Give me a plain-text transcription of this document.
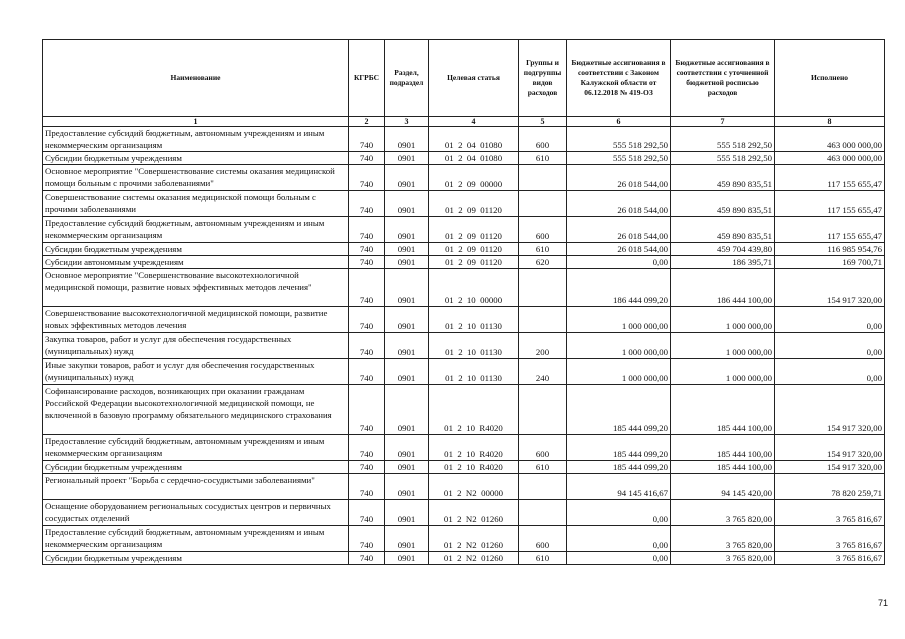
Наименование	КГРБС	Раздел, подраздел	Целевая статья	Группы и подгруппы видов расходов	Бюджетные ассигнования в соответствии с Законом Калужской области от 06.12.2018 № 419-ОЗ	Бюджетные ассигнования в соответствии с уточненной бюджетной росписью расходов	Исполнено
1	2	3	4	5	6	7	8
Предоставление субсидий бюджетным, автономным учреждениям и иным некоммерческим организациям	740	0901	01  2  04  01080	600	555 518 292,50	555 518 292,50	463 000 000,00
Субсидии бюджетным учреждениям	740	0901	01  2  04  01080	610	555 518 292,50	555 518 292,50	463 000 000,00
Основное мероприятие "Совершенствование системы оказания медицинской помощи больным с прочими заболеваниями"	740	0901	01  2  09  00000		26 018 544,00	459 890 835,51	117 155 655,47
Совершенствование системы оказания медицинской помощи больным с прочими заболеваниями	740	0901	01  2  09  01120		26 018 544,00	459 890 835,51	117 155 655,47
Предоставление субсидий бюджетным, автономным учреждениям и иным некоммерческим организациям	740	0901	01  2  09  01120	600	26 018 544,00	459 890 835,51	117 155 655,47
Субсидии бюджетным учреждениям	740	0901	01  2  09  01120	610	26 018 544,00	459 704 439,80	116 985 954,76
Субсидии автономным учреждениям	740	0901	01  2  09  01120	620	0,00	186 395,71	169 700,71
Основное мероприятие "Совершенствование высокотехнологичной медицинской помощи, развитие новых эффективных методов лечения"	740	0901	01  2  10  00000		186 444 099,20	186 444 100,00	154 917 320,00
Совершенствование высокотехнологичной медицинской помощи, развитие новых эффективных методов лечения	740	0901	01  2  10  01130		1 000 000,00	1 000 000,00	0,00
Закупка товаров, работ и услуг для обеспечения государственных (муниципальных) нужд	740	0901	01  2  10  01130	200	1 000 000,00	1 000 000,00	0,00
Иные закупки товаров, работ и услуг для обеспечения государственных (муниципальных) нужд	740	0901	01  2  10  01130	240	1 000 000,00	1 000 000,00	0,00
Софинансирование расходов, возникающих при оказании гражданам Российской Федерации высокотехнологичной медицинской помощи, не включенной в базовую программу обязательного медицинского страхования	740	0901	01  2  10  R4020		185 444 099,20	185 444 100,00	154 917 320,00
Предоставление субсидий бюджетным, автономным учреждениям и иным некоммерческим организациям	740	0901	01  2  10  R4020	600	185 444 099,20	185 444 100,00	154 917 320,00
Субсидии бюджетным учреждениям	740	0901	01  2  10  R4020	610	185 444 099,20	185 444 100,00	154 917 320,00
Региональный проект "Борьба с сердечно-сосудистыми заболеваниями"	740	0901	01  2  N2  00000		94 145 416,67	94 145 420,00	78 820 259,71
Оснащение оборудованием региональных сосудистых центров и первичных сосудистых отделений	740	0901	01  2  N2  01260		0,00	3 765 820,00	3 765 816,67
Предоставление субсидий бюджетным, автономным учреждениям и иным некоммерческим организациям	740	0901	01  2  N2  01260	600	0,00	3 765 820,00	3 765 816,67
Субсидии бюджетным учреждениям	740	0901	01  2  N2  01260	610	0,00	3 765 820,00	3 765 816,67
71
